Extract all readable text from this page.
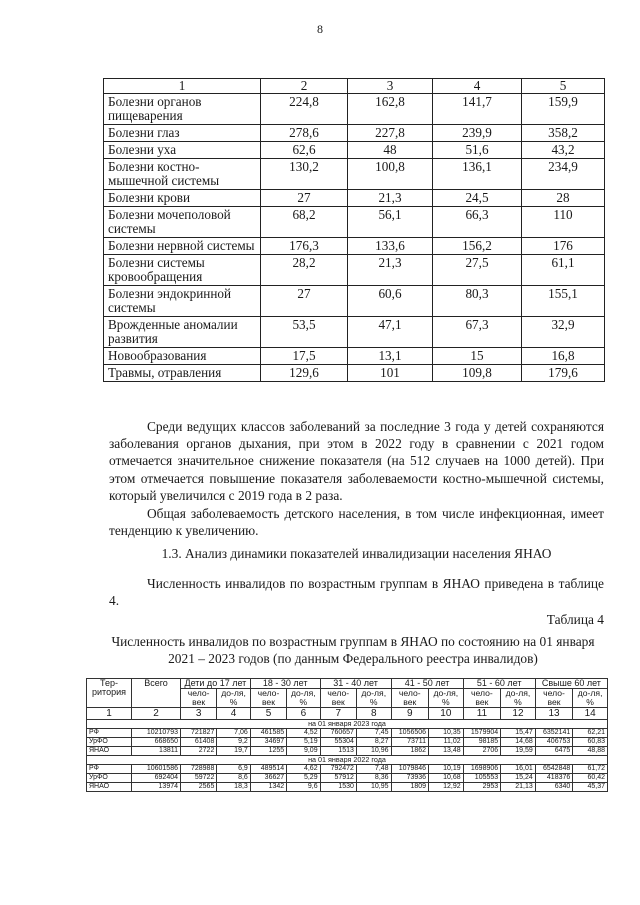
8
1	2	3	4	5
Болезни органов пищеварения	224,8	162,8	141,7	159,9
Болезни глаз	278,6	227,8	239,9	358,2
Болезни уха	62,6	48	51,6	43,2
Болезни костно-мышечной системы	130,2	100,8	136,1	234,9
Болезни крови	27	21,3	24,5	28
Болезни мочеполовой системы	68,2	56,1	66,3	110
Болезни нервной системы	176,3	133,6	156,2	176
Болезни системы кровообращения	28,2	21,3	27,5	61,1
Болезни эндокринной системы	27	60,6	80,3	155,1
Врожденные аномалии развития	53,5	47,1	67,3	32,9
Новообразования	17,5	13,1	15	16,8
Травмы, отравления	129,6	101	109,8	179,6
Среди ведущих классов заболеваний за последние 3 года у детей сохраняются заболевания органов дыхания, при этом в 2022 году в сравнении с 2021 годом отмечается значительное снижение показателя (на 512 случаев на 1000 детей). При этом отмечается повышение показателя заболеваемости костно-мышечной системы, который увеличился с 2019 года в 2 раза.
Общая заболеваемость детского населения, в том числе инфекционная, имеет тенденцию к увеличению.
1.3. Анализ динамики показателей инвалидизации населения ЯНАО
Численность инвалидов по возрастным группам в ЯНАО приведена в таблице 4.
Таблица 4
Численность инвалидов по возрастным группам в ЯНАО по состоянию на 01 января 2021 – 2023 годов (по данным Федерального реестра инвалидов)
Тер-ритория	Всего	Дети до 17 лет		18 - 30 лет		31 - 40 лет		41 - 50 лет		51 - 60 лет		Свыше 60 лет	
		чело-век	до-ля, %	чело-век	до-ля, %	чело-век	до-ля, %	чело-век	до-ля, %	чело-век	до-ля, %	чело-век	до-ля, %
1	2	3	4	5	6	7	8	9	10	11	12	13	14
на 01 января 2023 года													
РФ	10210793	721827	7,06	461585	4,52	760657	7,45	1056506	10,35	1579904	15,47	6352141	62,21
УрФО	668650	61408	9,2	34697	5,19	55304	8,27	73711	11,02	98185	14,68	406753	60,83
ЯНАО	13811	2722	19,7	1255	9,09	1513	10,96	1862	13,48	2706	19,59	6475	48,88
на 01 января 2022 года													
РФ	10601586	728988	6,9	489514	4,62	792472	7,48	1079846	10,19	1698906	16,01	6542848	61,72
УрФО	692404	59722	8,6	36627	5,29	57912	8,36	73936	10,68	105553	15,24	418376	60,42
ЯНАО	13974	2565	18,3	1342	9,6	1530	10,95	1809	12,92	2953	21,13	6340	45,37
